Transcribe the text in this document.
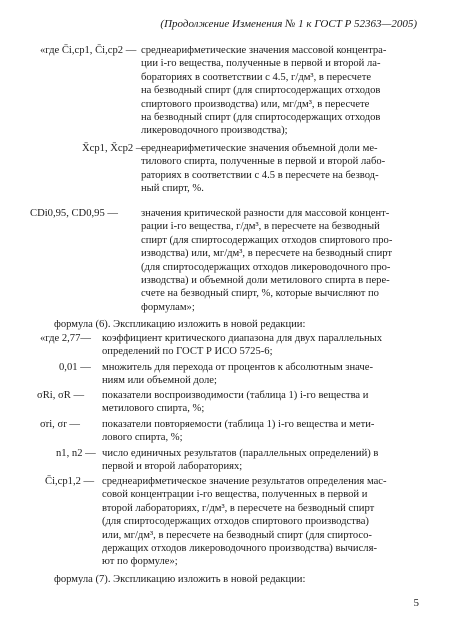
(Продолжение Изменения № 1 к ГОСТ Р 52363—2005)
«где C̄i,ср1, C̄i,ср2 — среднеарифметические значения массовой концентра-
ции i-го вещества, полученные в первой и второй ла-
бораториях в соответствии с 4.5, г/дм³, в пересчете
на безводный спирт (для спиртосодержащих отходов
спиртового производства) или, мг/дм³, в пересчете
на безводный спирт (для спиртосодержащих отходов
ликероводочного производства);
X̄ср1, X̄ср2 —
среднеарифметические значения объемной доли ме-
тилового спирта, полученные в первой и второй лабо-
раториях в соответствии с 4.5 в пересчете на безвод-
ный спирт, %.
CDi0,95, CD0,95 — значения критической разности для массовой концент-
рации i-го вещества, г/дм³, в пересчете на безводный
спирт (для спиртосодержащих отходов спиртового про-
изводства) или, мг/дм³, в пересчете на безводный спирт
(для спиртосодержащих отходов ликероводочного про-
изводства) и объемной доли метилового спирта в пере-
счете на безводный спирт, %, которые вычисляют по
формулам»;
формула (6). Экспликацию изложить в новой редакции:
«где 2,77— коэффициент критического диапазона для двух параллельных
определений по ГОСТ Р ИСО 5725-6;
0,01 — множитель для перехода от процентов к абсолютным значе-
ниям или объемной доле;
σRi, σR — показатели воспроизводимости (таблица 1) i-го вещества и
метилового спирта, %;
σri, σr — показатели повторяемости (таблица 1) i-го вещества и мети-
лового спирта, %;
n1, n2 — число единичных результатов (параллельных определений) в
первой и второй лабораториях;
C̄i,ср1,2 — среднеарифметическое значение результатов определения мас-
совой концентрации i-го вещества, полученных в первой и
второй лабораториях, г/дм³, в пересчете на безводный спирт
(для спиртосодержащих отходов спиртового производства)
или, мг/дм³, в пересчете на безводный спирт (для спиртосо-
держащих отходов ликероводочного производства) вычисля-
ют по формуле»;
формула (7). Экспликацию изложить в новой редакции:
5
